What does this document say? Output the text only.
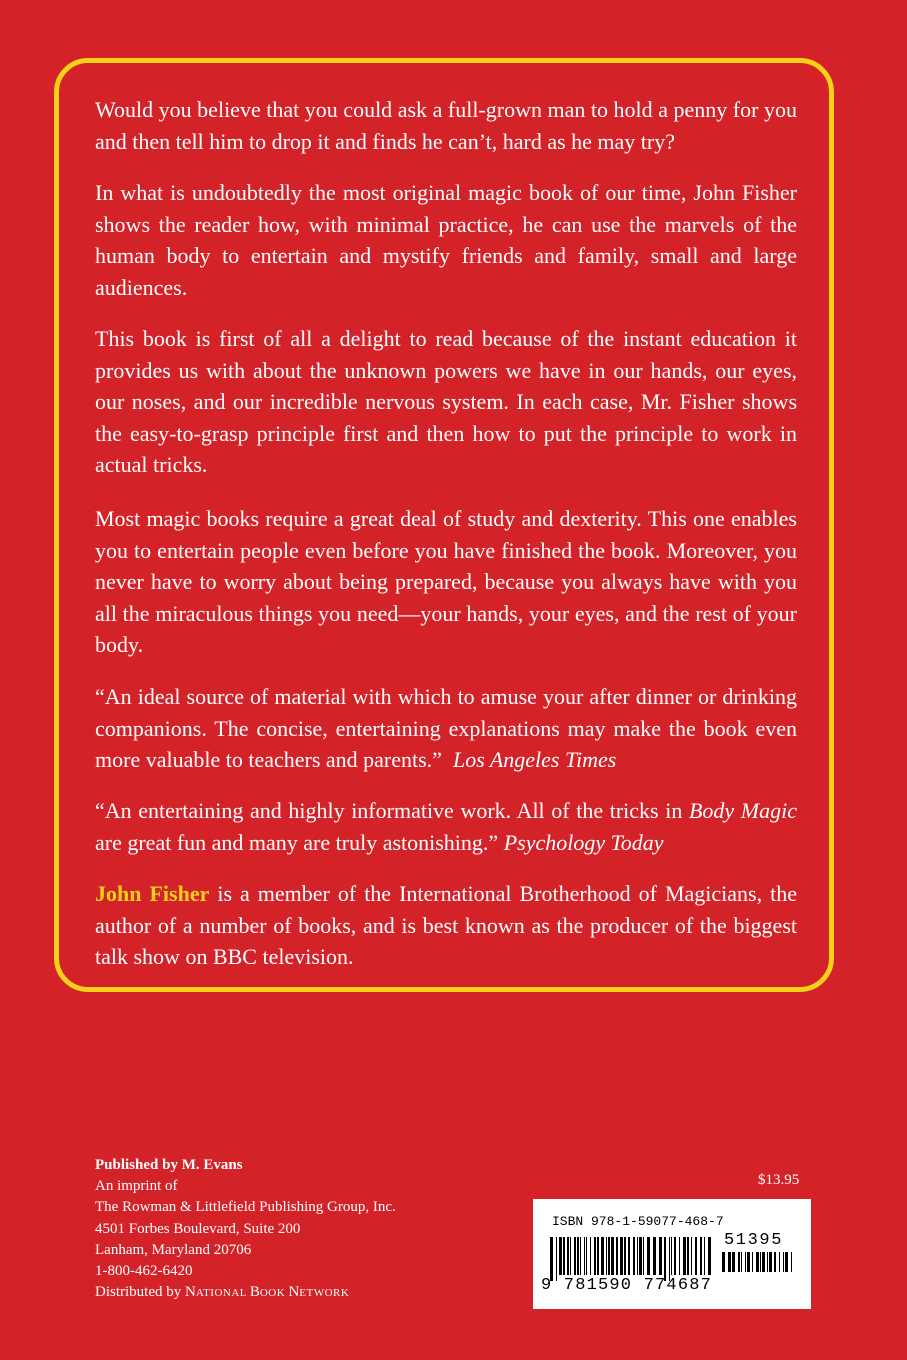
Would you believe that you could ask a full-grown man to hold a penny for you and then tell him to drop it and finds he can’t, hard as he may try?

In what is undoubtedly the most original magic book of our time, John Fisher shows the reader how, with minimal practice, he can use the marvels of the human body to entertain and mystify friends and family, small and large audiences.

This book is first of all a delight to read because of the instant education it provides us with about the unknown powers we have in our hands, our eyes, our noses, and our incredible nervous system. In each case, Mr. Fisher shows the easy-to-grasp principle first and then how to put the principle to work in actual tricks.

Most magic books require a great deal of study and dexterity. This one enables you to entertain people even before you have finished the book. Moreover, you never have to worry about being prepared, because you always have with you all the miraculous things you need—your hands, your eyes, and the rest of your body.

“An ideal source of material with which to amuse your after dinner or drinking companions. The concise, entertaining explanations may make the book even more valuable to teachers and parents.” Los Angeles Times

“An entertaining and highly informative work. All of the tricks in Body Magic are great fun and many are truly astonishing.” Psychology Today

John Fisher is a member of the International Brotherhood of Magicians, the author of a number of books, and is best known as the producer of the biggest talk show on BBC television.

Published by M. Evans
An imprint of
The Rowman & Littlefield Publishing Group, Inc.
4501 Forbes Boulevard, Suite 200
Lanham, Maryland 20706
1-800-462-6420
Distributed by NATIONAL BOOK NETWORK
$13.95
ISBN 978-1-59077-468-7
51395
9 781590 774687
